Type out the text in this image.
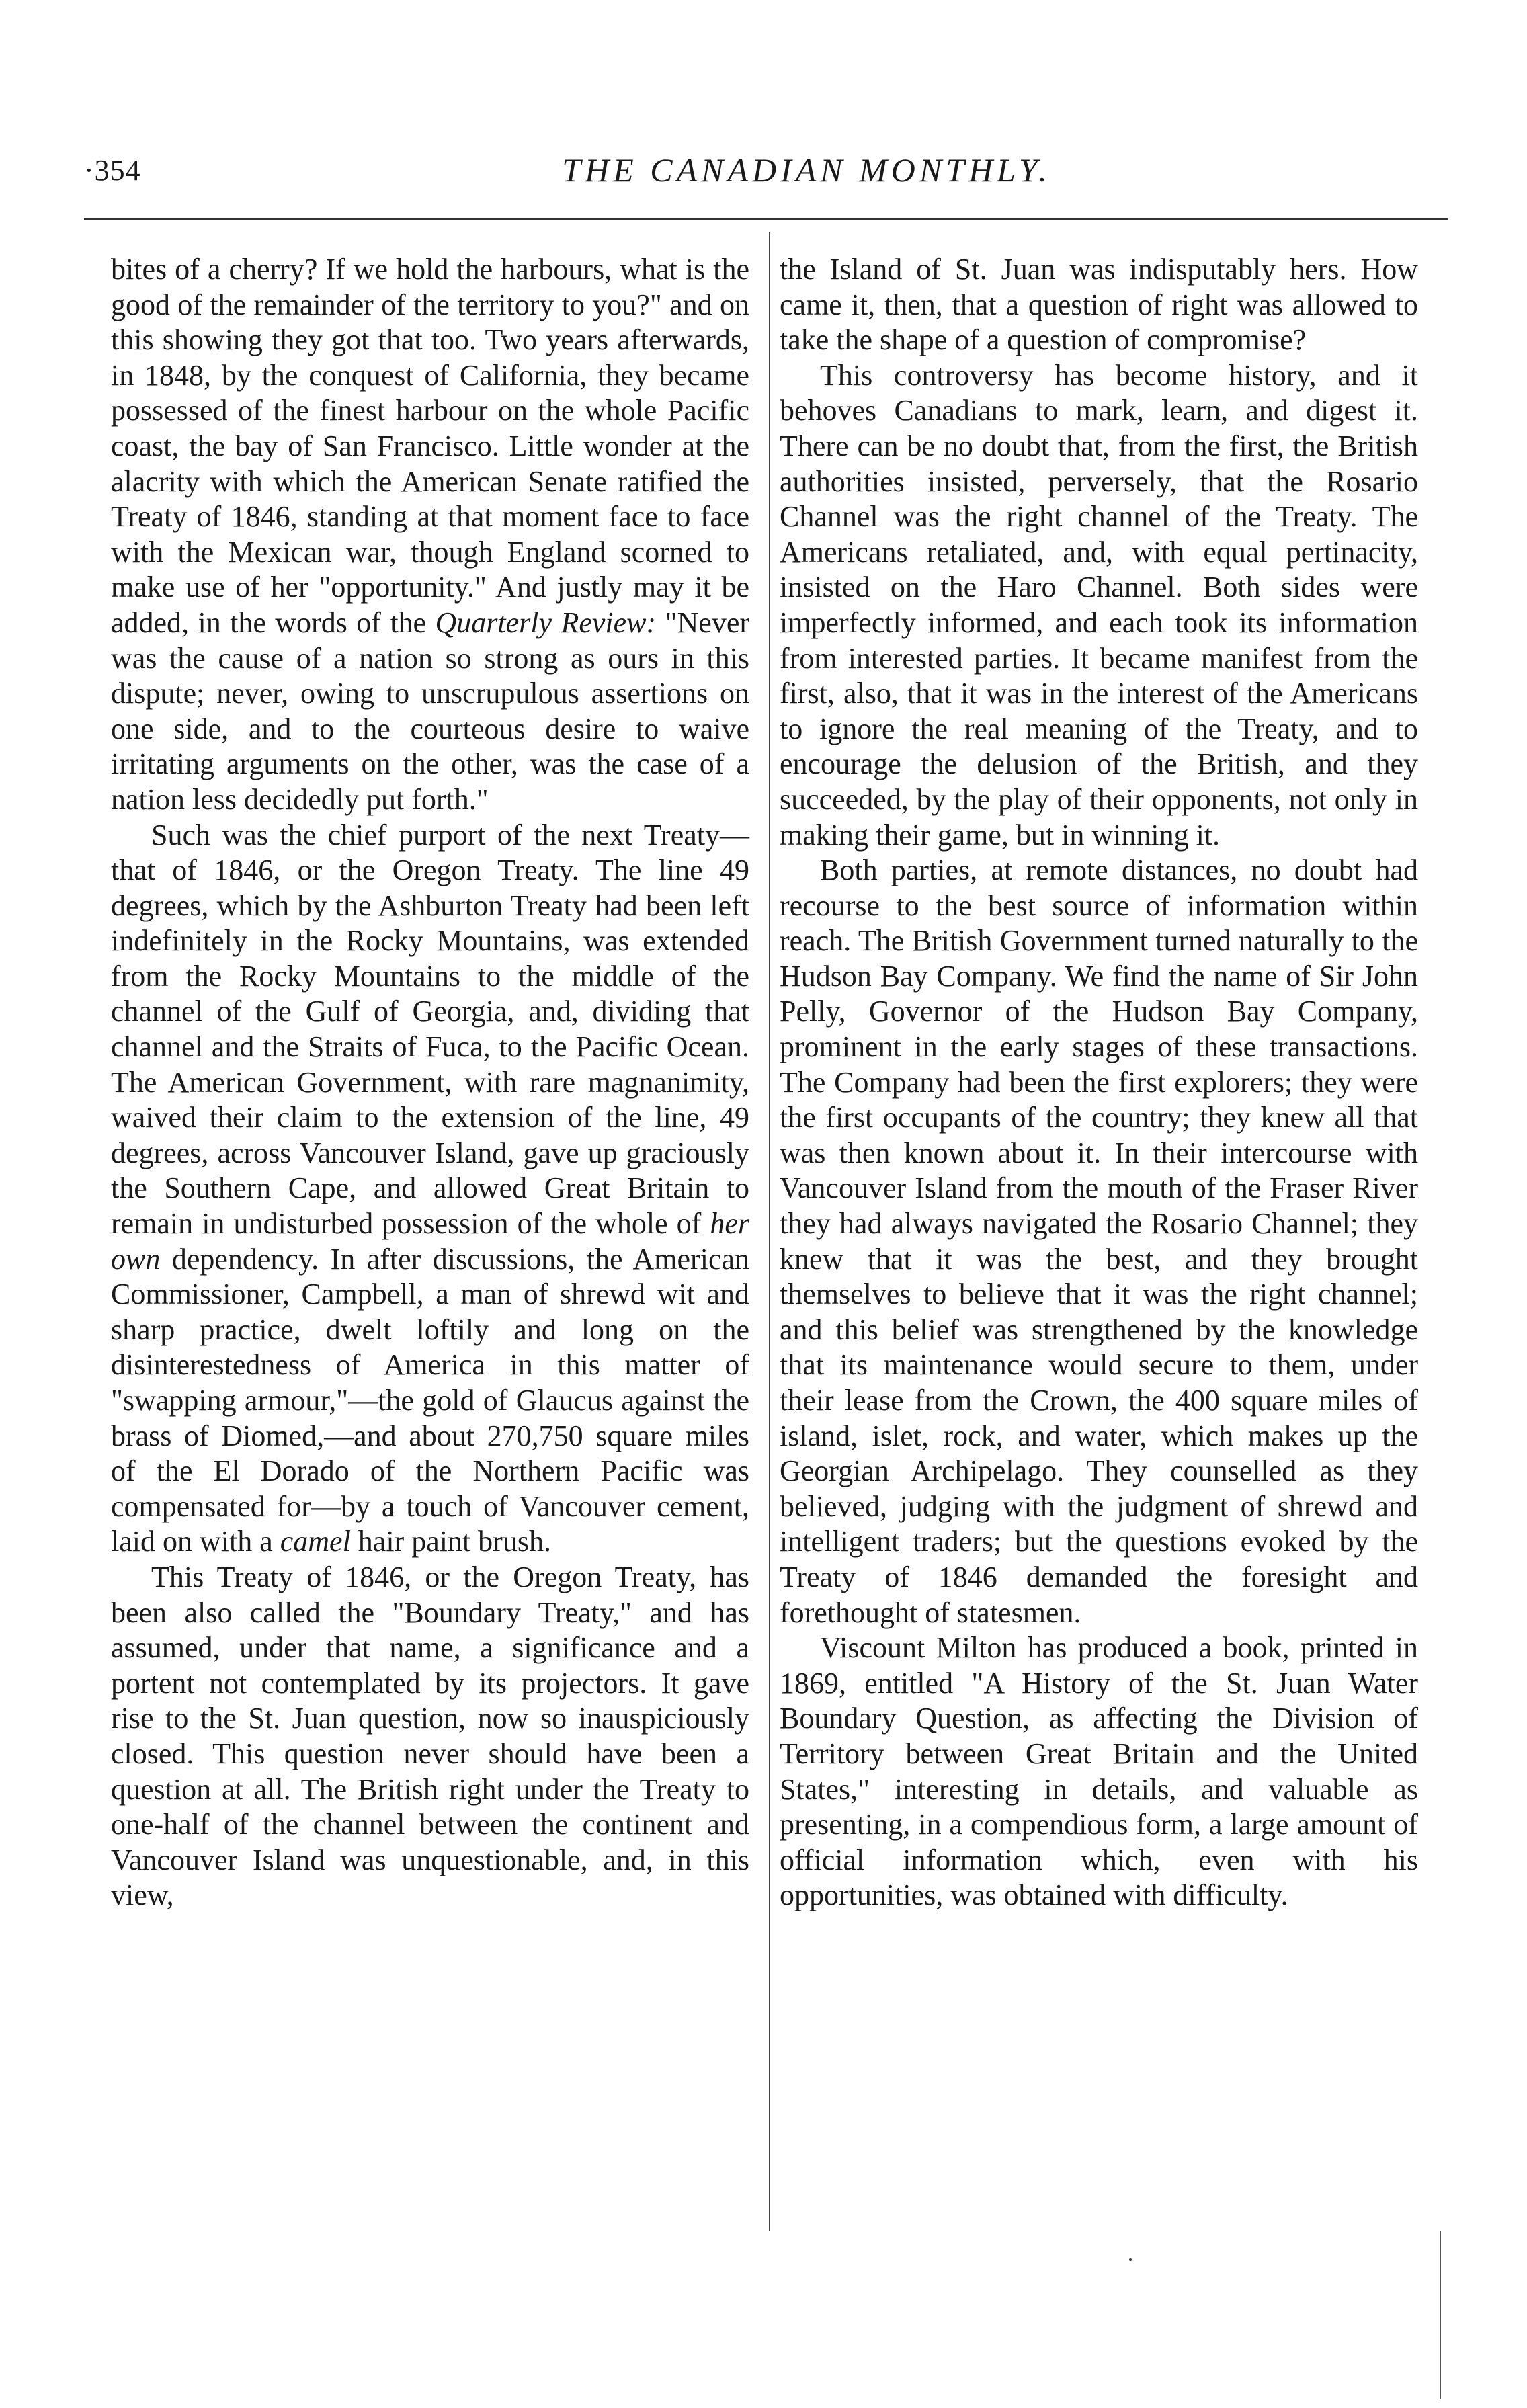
·354	THE CANADIAN MONTHLY.

bites of a cherry? If we hold the harbours, what is the good of the remainder of the territory to you?" and on this showing they got that too. Two years afterwards, in 1848, by the conquest of California, they became possessed of the finest harbour on the whole Pacific coast, the bay of San Francisco. Little wonder at the alacrity with which the American Senate ratified the Treaty of 1846, standing at that moment face to face with the Mexican war, though England scorned to make use of her "opportunity." And justly may it be added, in the words of the Quarterly Review: "Never was the cause of a nation so strong as ours in this dispute; never, owing to unscrupulous assertions on one side, and to the courteous desire to waive irritating arguments on the other, was the case of a nation less decidedly put forth."

Such was the chief purport of the next Treaty—that of 1846, or the Oregon Treaty. The line 49 degrees, which by the Ashburton Treaty had been left indefinitely in the Rocky Mountains, was extended from the Rocky Mountains to the middle of the channel of the Gulf of Georgia, and, dividing that channel and the Straits of Fuca, to the Pacific Ocean. The American Government, with rare magnanimity, waived their claim to the extension of the line, 49 degrees, across Vancouver Island, gave up graciously the Southern Cape, and allowed Great Britain to remain in undisturbed possession of the whole of her own dependency. In after discussions, the American Commissioner, Campbell, a man of shrewd wit and sharp practice, dwelt loftily and long on the disinterestedness of America in this matter of "swapping armour,"—the gold of Glaucus against the brass of Diomed,—and about 270,750 square miles of the El Dorado of the Northern Pacific was compensated for—by a touch of Vancouver cement, laid on with a camel hair paint brush.

This Treaty of 1846, or the Oregon Treaty, has been also called the "Boundary Treaty," and has assumed, under that name, a significance and a portent not contemplated by its projectors. It gave rise to the St. Juan question, now so inauspiciously closed. This question never should have been a question at all. The British right under the Treaty to one-half of the channel between the continent and Vancouver Island was unquestionable, and, in this view,

the Island of St. Juan was indisputably hers. How came it, then, that a question of right was allowed to take the shape of a question of compromise?

This controversy has become history, and it behoves Canadians to mark, learn, and digest it. There can be no doubt that, from the first, the British authorities insisted, perversely, that the Rosario Channel was the right channel of the Treaty. The Americans retaliated, and, with equal pertinacity, insisted on the Haro Channel. Both sides were imperfectly informed, and each took its information from interested parties. It became manifest from the first, also, that it was in the interest of the Americans to ignore the real meaning of the Treaty, and to encourage the delusion of the British, and they succeeded, by the play of their opponents, not only in making their game, but in winning it.

Both parties, at remote distances, no doubt had recourse to the best source of information within reach. The British Government turned naturally to the Hudson Bay Company. We find the name of Sir John Pelly, Governor of the Hudson Bay Company, prominent in the early stages of these transactions. The Company had been the first explorers; they were the first occupants of the country; they knew all that was then known about it. In their intercourse with Vancouver Island from the mouth of the Fraser River they had always navigated the Rosario Channel; they knew that it was the best, and they brought themselves to believe that it was the right channel; and this belief was strengthened by the knowledge that its maintenance would secure to them, under their lease from the Crown, the 400 square miles of island, islet, rock, and water, which makes up the Georgian Archipelago. They counselled as they believed, judging with the judgment of shrewd and intelligent traders; but the questions evoked by the Treaty of 1846 demanded the foresight and forethought of statesmen.

Viscount Milton has produced a book, printed in 1869, entitled "A History of the St. Juan Water Boundary Question, as affecting the Division of Territory between Great Britain and the United States," interesting in details, and valuable as presenting, in a compendious form, a large amount of official information which, even with his opportunities, was obtained with difficulty.
